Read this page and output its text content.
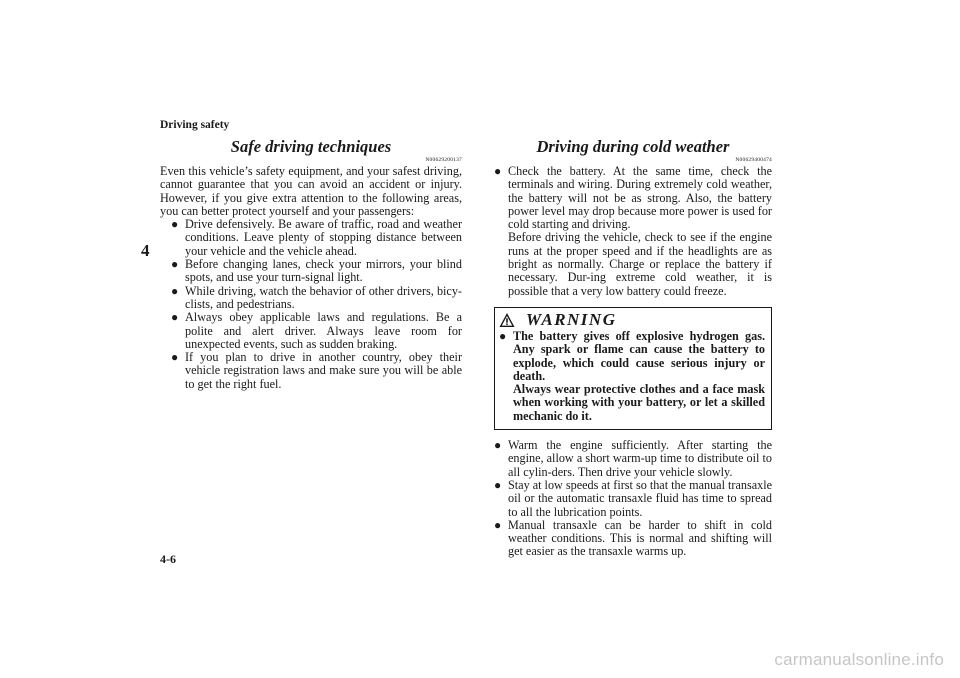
Driving safety
4
Safe driving techniques
N00629200137

Even this vehicle’s safety equipment, and your safest driving, cannot guarantee that you can avoid an accident or injury. However, if you give extra attention to the following areas, you can better protect yourself and your passengers:

● Drive defensively. Be aware of traffic, road and weather conditions. Leave plenty of stopping distance between your vehicle and the vehicle ahead.
● Before changing lanes, check your mirrors, your blind spots, and use your turn-signal light.
● While driving, watch the behavior of other drivers, bicy-clists, and pedestrians.
● Always obey applicable laws and regulations. Be a polite and alert driver. Always leave room for unexpected events, such as sudden braking.
● If you plan to drive in another country, obey their vehicle registration laws and make sure you will be able to get the right fuel.
Driving during cold weather
N00629400474
● Check the battery. At the same time, check the terminals and wiring. During extremely cold weather, the battery will not be as strong. Also, the battery power level may drop because more power is used for cold starting and driving.
Before driving the vehicle, check to see if the engine runs at the proper speed and if the headlights are as bright as normally. Charge or replace the battery if necessary. Dur-ing extreme cold weather, it is possible that a very low battery could freeze.
WARNING
● The battery gives off explosive hydrogen gas. Any spark or flame can cause the battery to explode, which could cause serious injury or death.
Always wear protective clothes and a face mask when working with your battery, or let a skilled mechanic do it.
● Warm the engine sufficiently. After starting the engine, allow a short warm-up time to distribute oil to all cylin-ders. Then drive your vehicle slowly.
● Stay at low speeds at first so that the manual transaxle oil or the automatic transaxle fluid has time to spread to all the lubrication points.
● Manual transaxle can be harder to shift in cold weather conditions. This is normal and shifting will get easier as the transaxle warms up.
4-6
carmanualsonline.info
